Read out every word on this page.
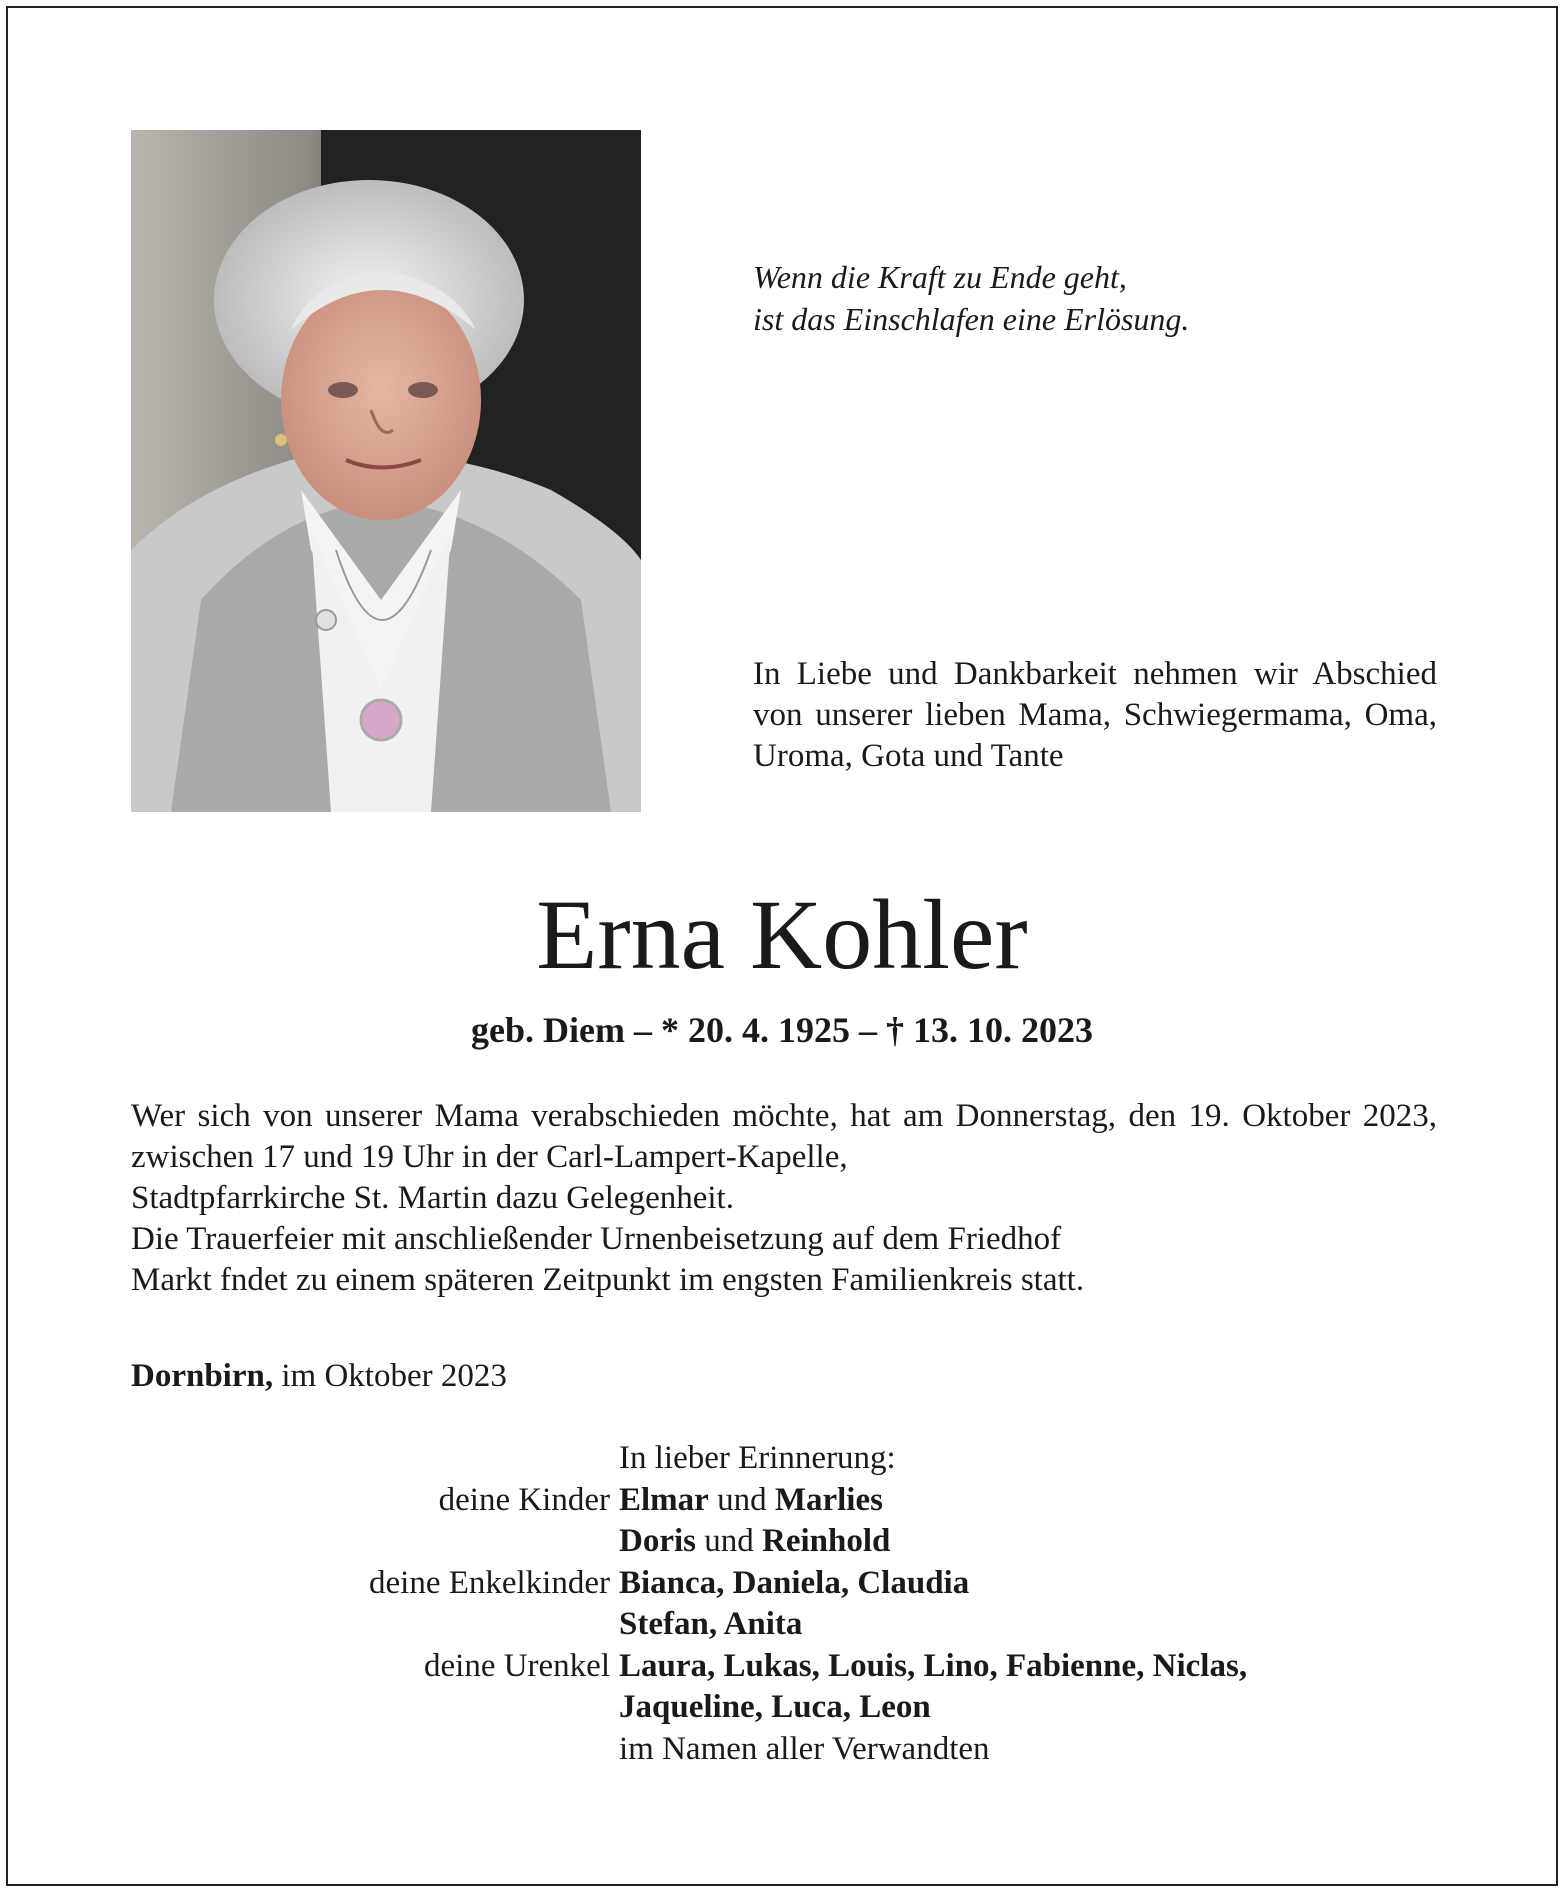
Wenn die Kraft zu Ende geht,
ist das Einschlafen eine Erlösung.
In Liebe und Dankbarkeit nehmen wir Abschied von unserer lieben Mama, Schwiegermama, Oma, Uroma, Gota und Tante
Erna Kohler
geb. Diem – * 20. 4. 1925 – † 13. 10. 2023

Wer sich von unserer Mama verabschieden möchte, hat am Donnerstag, den 19. Oktober 2023, zwischen 17 und 19 Uhr in der Carl-Lampert-Kapelle,

Stadtpfarrkirche St. Martin dazu Gelegenheit.

Die Trauerfeier mit anschließender Urnenbeisetzung auf dem Friedhof

Markt fndet zu einem späteren Zeitpunkt im engsten Familienkreis statt.

Dornbirn, im Oktober 2023
In lieber Erinnerung:
deine Kinder Elmar und Marlies
Doris und Reinhold
deine Enkelkinder Bianca, Daniela, Claudia
Stefan, Anita
deine Urenkel Laura, Lukas, Louis, Lino, Fabienne, Niclas,
Jaqueline, Luca, Leon
im Namen aller Verwandten
